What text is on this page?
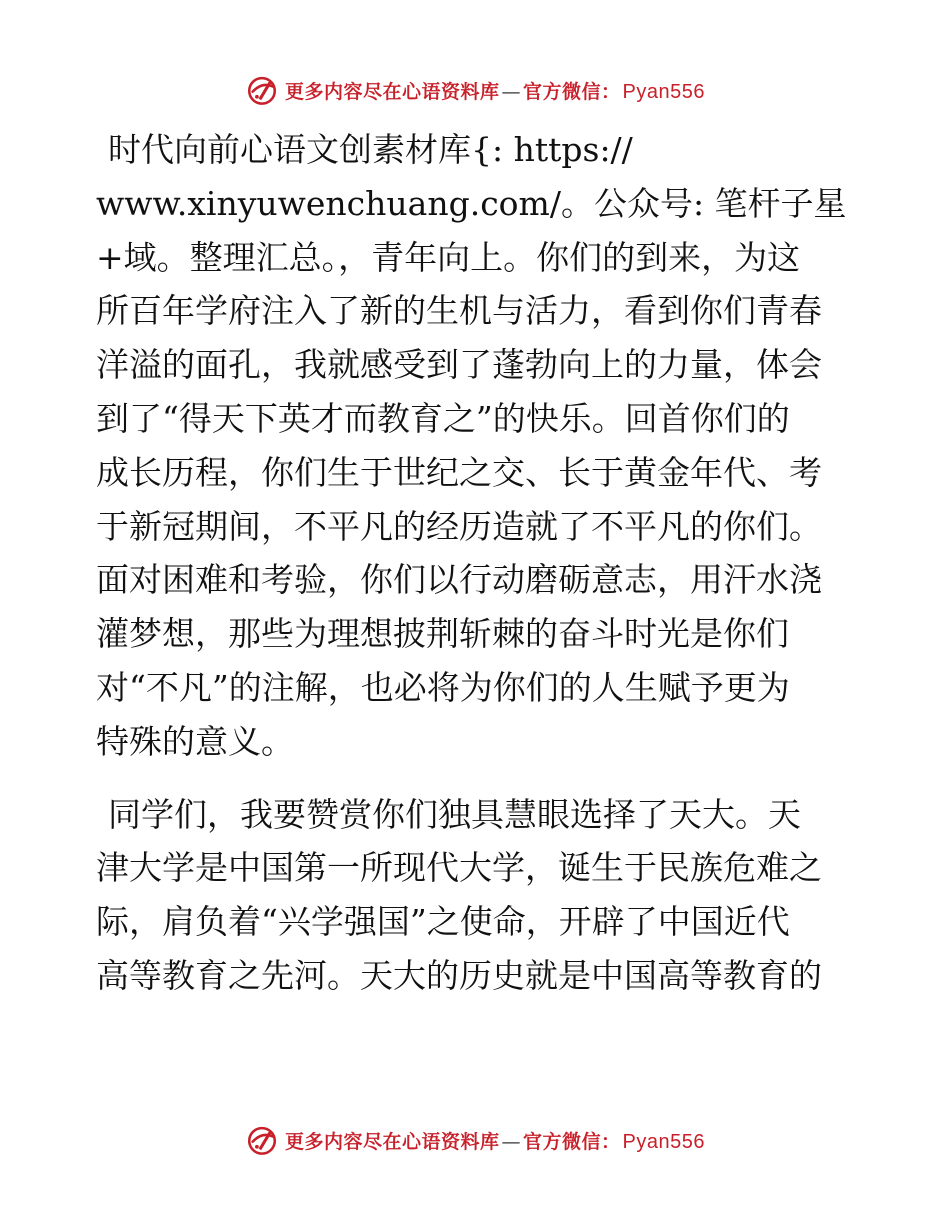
更多内容尽在心语资料库 — 官方微信： Pyan556
时代向前心语文创素材库{: https://
www.xinyuwenchuang.com/。公众号: 笔杆子星
+域。整理汇总。，青年向上。你们的到来，为这
所百年学府注入了新的生机与活力，看到你们青春
洋溢的面孔，我就感受到了蓬勃向上的力量，体会
到了“得天下英才而教育之”的快乐。回首你们的
成长历程，你们生于世纪之交、长于黄金年代、考
于新冠期间，不平凡的经历造就了不平凡的你们。
面对困难和考验，你们以行动磨砺意志，用汗水浇
灌梦想，那些为理想披荆斩棘的奋斗时光是你们
对“不凡”的注解，也必将为你们的人生赋予更为
特殊的意义。
同学们，我要赞赏你们独具慧眼选择了天大。天
津大学是中国第一所现代大学，诞生于民族危难之
际，肩负着“兴学强国”之使命，开辟了中国近代
高等教育之先河。天大的历史就是中国高等教育的
更多内容尽在心语资料库 — 官方微信： Pyan556
